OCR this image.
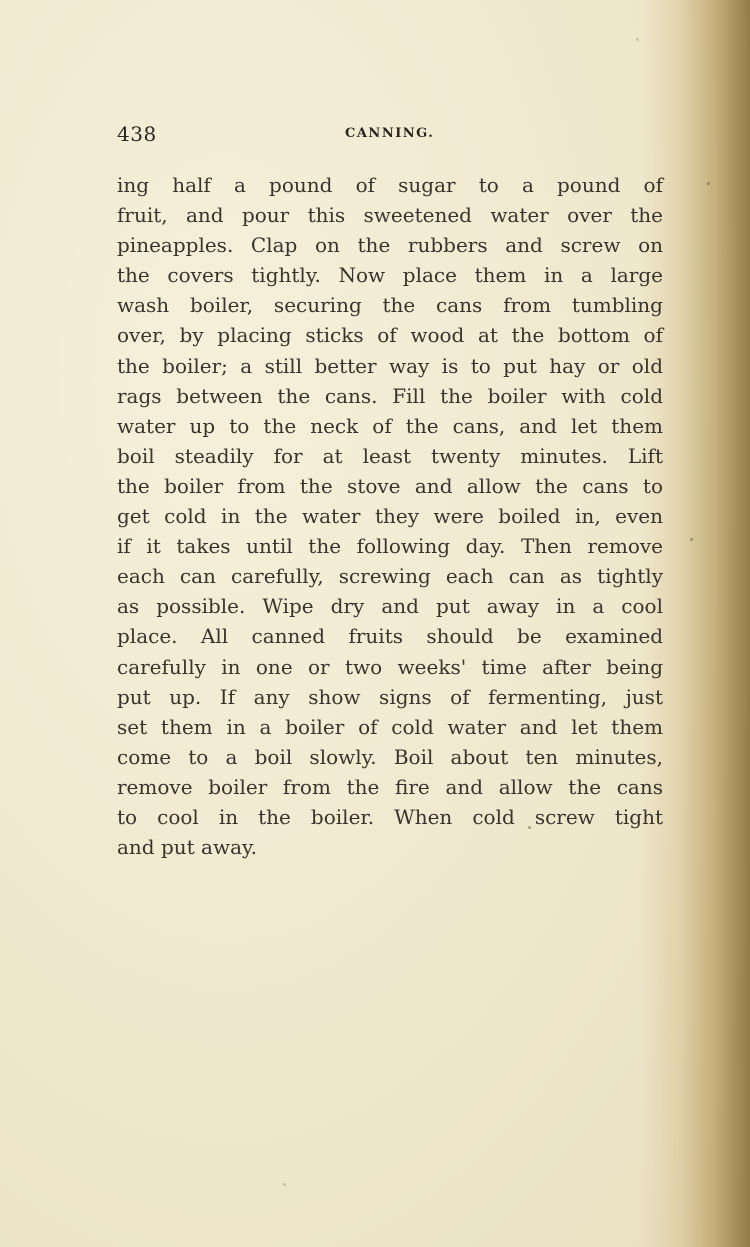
438	CANNING.
ing half a pound of sugar to a pound of
fruit, and pour this sweetened water over the
pineapples. Clap on the rubbers and screw on
the covers tightly. Now place them in a large
wash boiler, securing the cans from tumbling
over, by placing sticks of wood at the bottom of
the boiler; a still better way is to put hay or old
rags between the cans. Fill the boiler with cold
water up to the neck of the cans, and let them
boil steadily for at least twenty minutes. Lift
the boiler from the stove and allow the cans to
get cold in the water they were boiled in, even
if it takes until the following day. Then remove
each can carefully, screwing each can as tightly
as possible. Wipe dry and put away in a cool
place. All canned fruits should be examined
carefully in one or two weeks' time after being
put up. If any show signs of fermenting, just
set them in a boiler of cold water and let them
come to a boil slowly. Boil about ten minutes,
remove boiler from the fire and allow the cans
to cool in the boiler. When cold screw tight
and put away.
